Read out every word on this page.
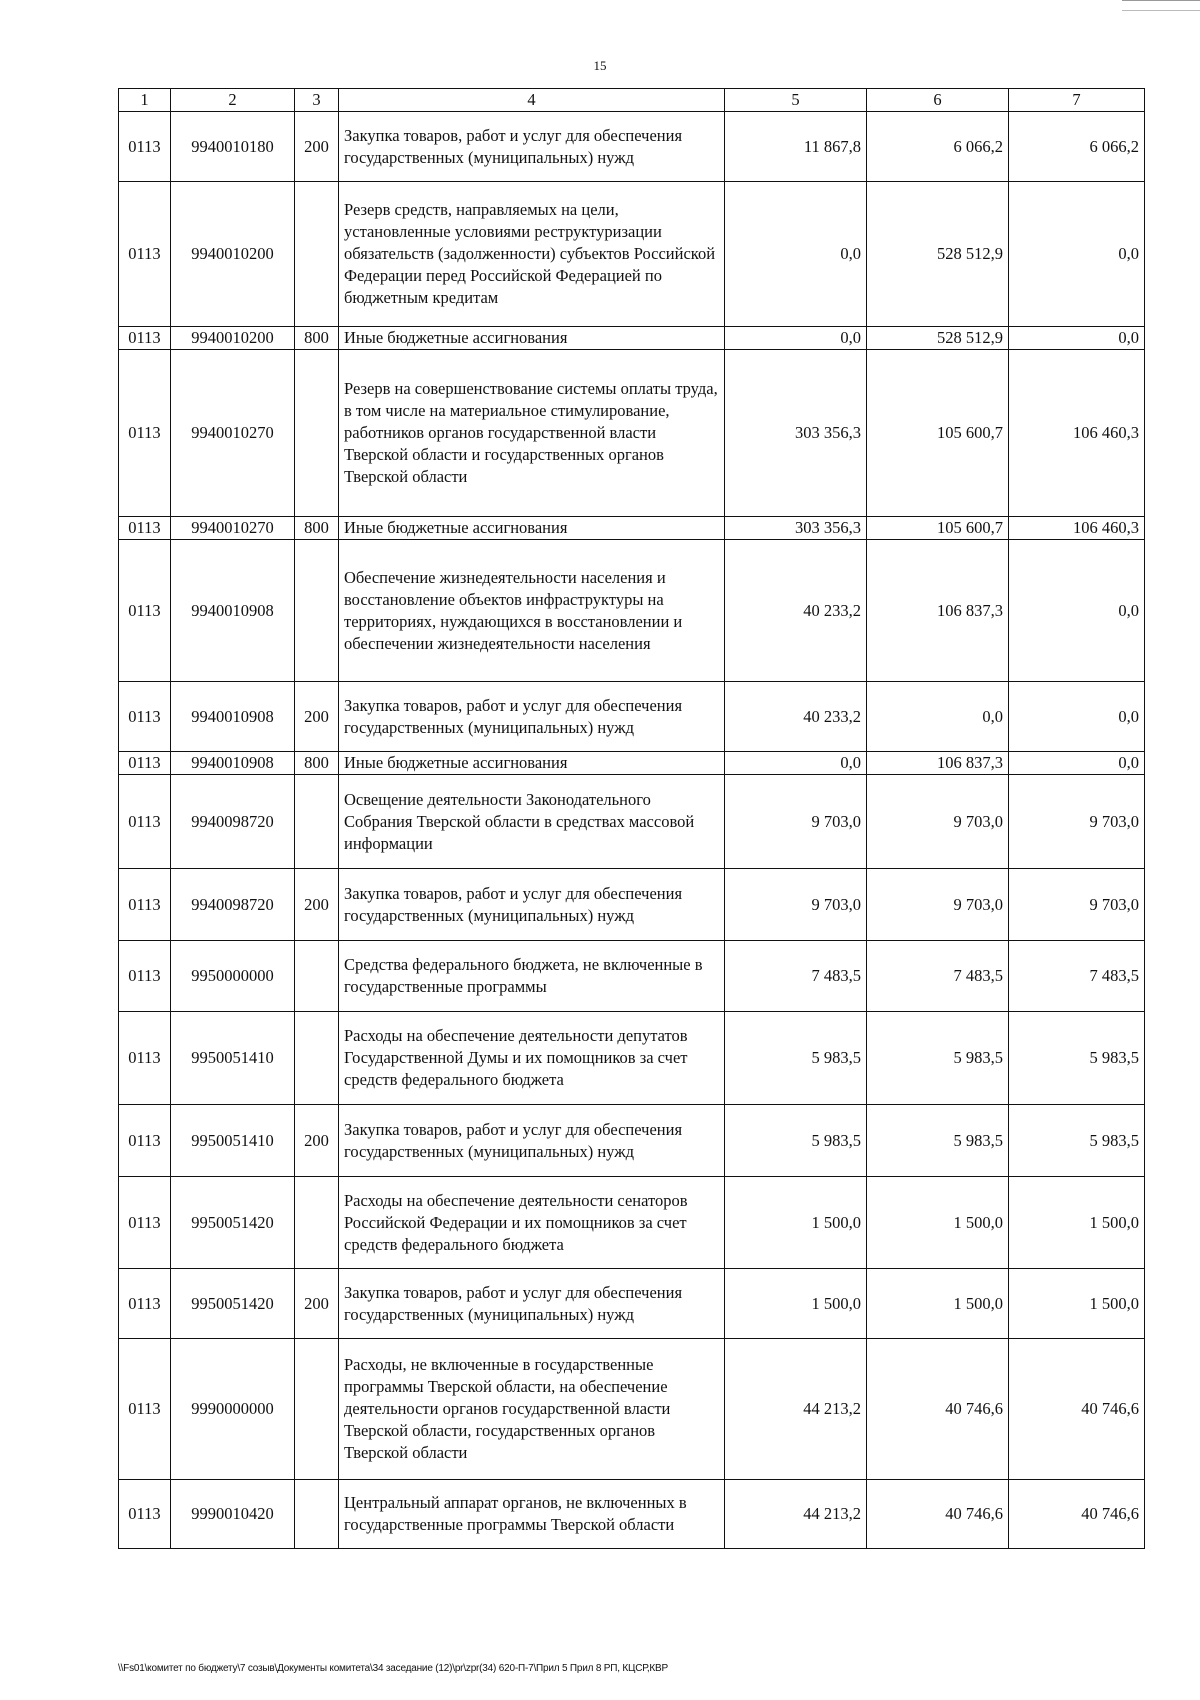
15
1	2	3	4	5	6	7
0113	9940010180	200	Закупка товаров, работ и услуг для обеспечения государственных (муниципальных) нужд	11 867,8	6 066,2	6 066,2
0113	9940010200		Резерв средств, направляемых на цели, установленные условиями реструктуризации обязательств (задолженности) субъектов Российской Федерации перед Российской Федерацией по бюджетным кредитам	0,0	528 512,9	0,0
0113	9940010200	800	Иные бюджетные ассигнования	0,0	528 512,9	0,0
0113	9940010270		Резерв на совершенствование системы оплаты труда, в том числе на материальное стимулирование, работников органов государственной власти Тверской области и государственных органов Тверской области	303 356,3	105 600,7	106 460,3
0113	9940010270	800	Иные бюджетные ассигнования	303 356,3	105 600,7	106 460,3
0113	9940010908		Обеспечение жизнедеятельности населения и восстановление объектов инфраструктуры на территориях, нуждающихся в восстановлении и обеспечении жизнедеятельности населения	40 233,2	106 837,3	0,0
0113	9940010908	200	Закупка товаров, работ и услуг для обеспечения государственных (муниципальных) нужд	40 233,2	0,0	0,0
0113	9940010908	800	Иные бюджетные ассигнования	0,0	106 837,3	0,0
0113	9940098720		Освещение деятельности Законодательного Собрания Тверской области в средствах массовой информации	9 703,0	9 703,0	9 703,0
0113	9940098720	200	Закупка товаров, работ и услуг для обеспечения государственных (муниципальных) нужд	9 703,0	9 703,0	9 703,0
0113	9950000000		Средства федерального бюджета, не включенные в государственные программы	7 483,5	7 483,5	7 483,5
0113	9950051410		Расходы на обеспечение деятельности депутатов Государственной Думы и их помощников за счет средств федерального бюджета	5 983,5	5 983,5	5 983,5
0113	9950051410	200	Закупка товаров, работ и услуг для обеспечения государственных (муниципальных) нужд	5 983,5	5 983,5	5 983,5
0113	9950051420		Расходы на обеспечение деятельности сенаторов Российской Федерации и их помощников за счет средств федерального бюджета	1 500,0	1 500,0	1 500,0
0113	9950051420	200	Закупка товаров, работ и услуг для обеспечения государственных (муниципальных) нужд	1 500,0	1 500,0	1 500,0
0113	9990000000		Расходы, не включенные в государственные программы Тверской области, на обеспечение деятельности органов государственной власти Тверской области, государственных органов Тверской области	44 213,2	40 746,6	40 746,6
0113	9990010420		Центральный аппарат органов, не включенных в государственные программы Тверской области	44 213,2	40 746,6	40 746,6
\\Fs01\комитет по бюджету\7 созыв\Документы комитета\34 заседание (12)\pr\zpr(34) 620-П-7\Прил 5 Прил 8 РП, КЦСР,КВР
